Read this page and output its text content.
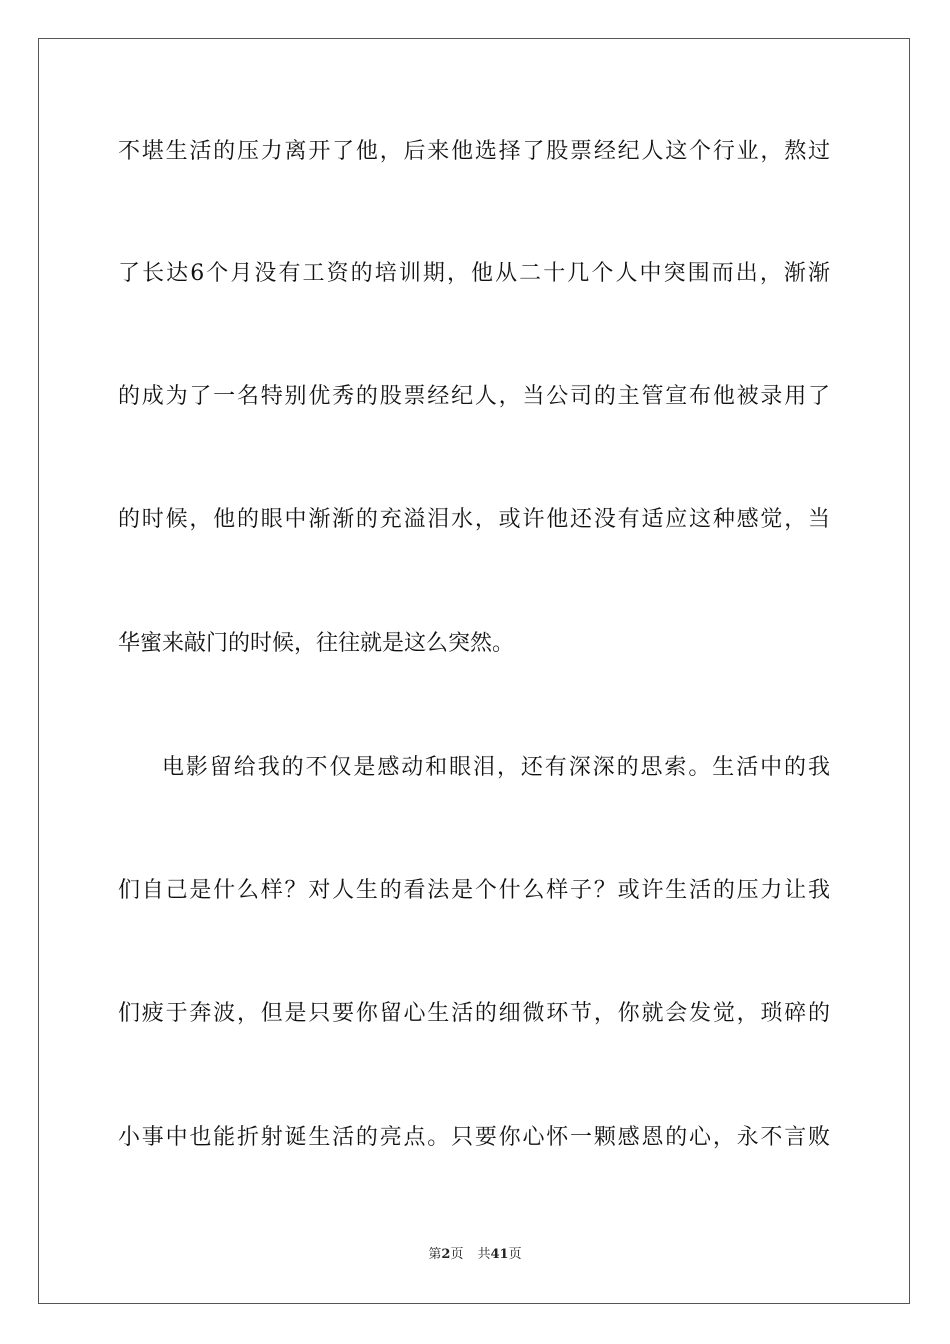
不堪生活的压力离开了他，后来他选择了股票经纪人这个行业，熬过
了长达6个月没有工资的培训期，他从二十几个人中突围而出，渐渐
的成为了一名特别优秀的股票经纪人，当公司的主管宣布他被录用了
的时候，他的眼中渐渐的充溢泪水，或许他还没有适应这种感觉，当
华蜜来敲门的时候，往往就是这么突然。
电影留给我的不仅是感动和眼泪，还有深深的思索。生活中的我
们自己是什么样？对人生的看法是个什么样子？或许生活的压力让我
们疲于奔波，但是只要你留心生活的细微环节，你就会发觉，琐碎的
小事中也能折射诞生活的亮点。只要你心怀一颗感恩的心，永不言败
第2页 共41页
